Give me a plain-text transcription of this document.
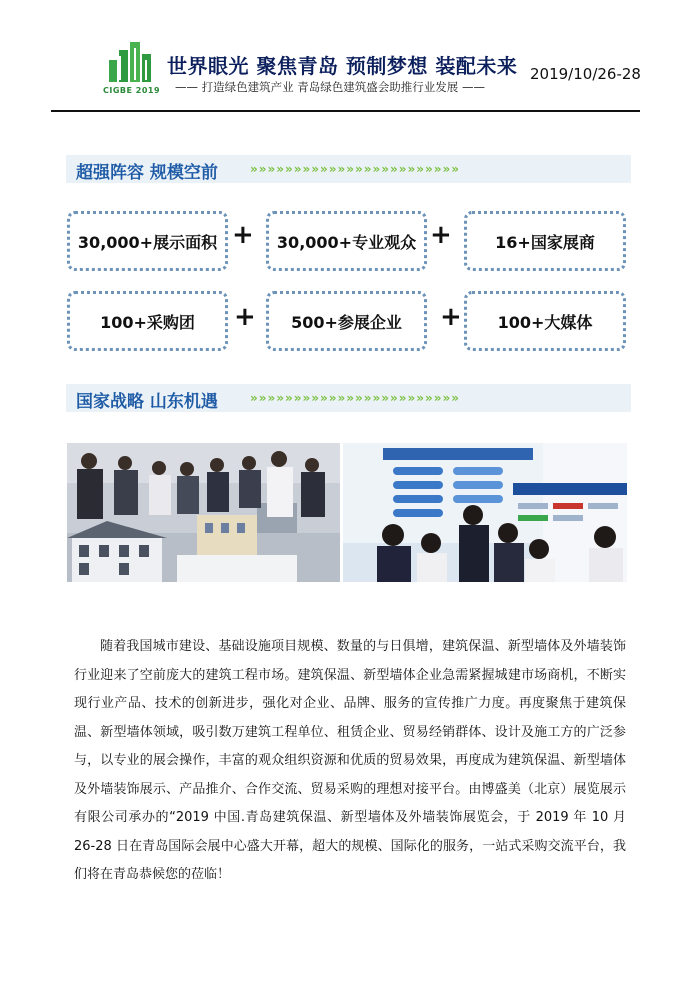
CIGBE 2019
世界眼光 聚焦青岛 预制梦想 装配未来
—— 打造绿色建筑产业 青岛绿色建筑盛会助推行业发展 ——
2019/10/26-28
超强阵容 规模空前	»»»»»»»»»»»»»»»»»»»»»»»»
30,000+展示面积 +	30,000+专业观众 +	16+国家展商
100+采购团	+	500+参展企业	+	100+大媒体
国家战略 山东机遇	»»»»»»»»»»»»»»»»»»»»»»»»

随着我国城市建设、基础设施项目规模、数量的与日俱增，建筑保温、新型墙体及外墙装饰行业迎来了空前庞大的建筑工程市场。建筑保温、新型墙体企业急需紧握城建市场商机，不断实现行业产品、技术的创新进步，强化对企业、品牌、服务的宣传推广力度。再度聚焦于建筑保温、新型墙体领域，吸引数万建筑工程单位、租赁企业、贸易经销群体、设计及施工方的广泛参与，以专业的展会操作，丰富的观众组织资源和优质的贸易效果，再度成为建筑保温、新型墙体及外墙装饰展示、产品推介、合作交流、贸易采购的理想对接平台。由博盛美（北京）展览展示有限公司承办的“2019 中国.青岛建筑保温、新型墙体及外墙装饰展览会，于 2019 年 10 月 26-28 日在青岛国际会展中心盛大开幕，超大的规模、国际化的服务，一站式采购交流平台，我们将在青岛恭候您的莅临！
